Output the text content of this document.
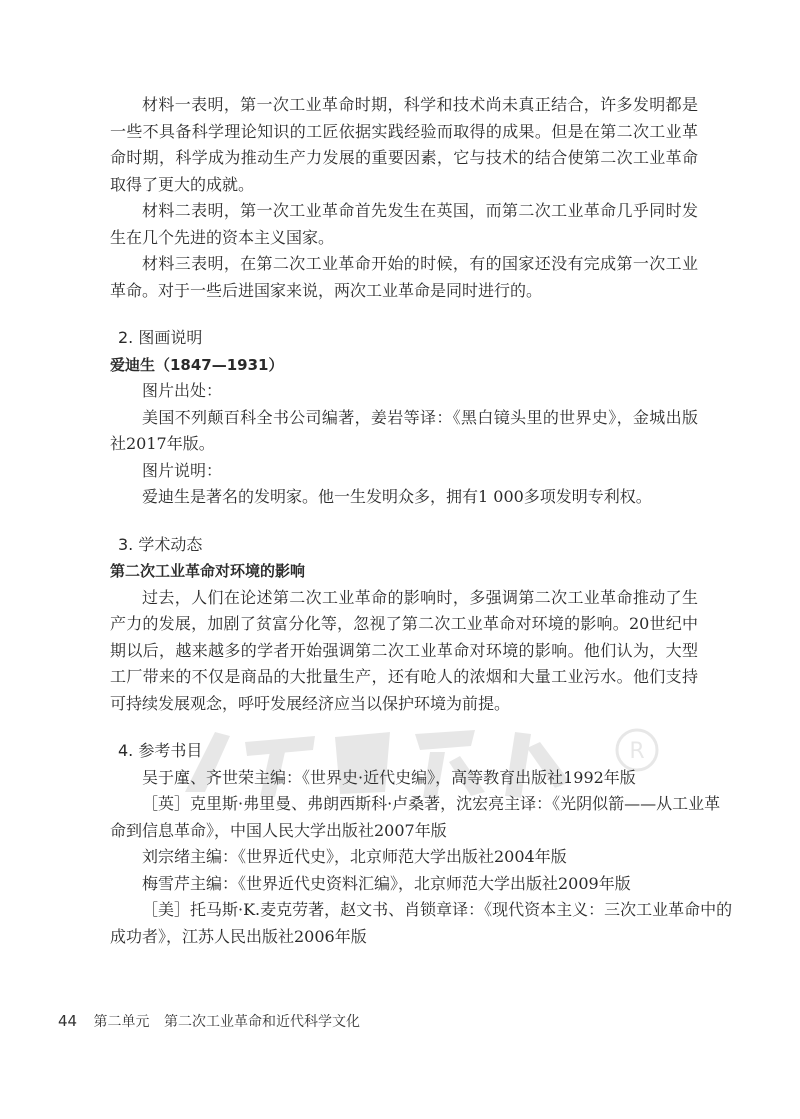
R

材料一表明，第一次工业革命时期，科学和技术尚未真正结合，许多发明都是一些不具备科学理论知识的工匠依据实践经验而取得的成果。但是在第二次工业革命时期，科学成为推动生产力发展的重要因素，它与技术的结合使第二次工业革命取得了更大的成就。

材料二表明，第一次工业革命首先发生在英国，而第二次工业革命几乎同时发生在几个先进的资本主义国家。

材料三表明，在第二次工业革命开始的时候，有的国家还没有完成第一次工业革命。对于一些后进国家来说，两次工业革命是同时进行的。

2. 图画说明

爱迪生（1847—1931）

图片出处：

美国不列颠百科全书公司编著，姜岩等译：《黑白镜头里的世界史》，金城出版社2017年版。

图片说明：

爱迪生是著名的发明家。他一生发明众多，拥有1 000多项发明专利权。

3. 学术动态

第二次工业革命对环境的影响

过去，人们在论述第二次工业革命的影响时，多强调第二次工业革命推动了生产力的发展，加剧了贫富分化等，忽视了第二次工业革命对环境的影响。20世纪中期以后，越来越多的学者开始强调第二次工业革命对环境的影响。他们认为，大型工厂带来的不仅是商品的大批量生产，还有呛人的浓烟和大量工业污水。他们支持可持续发展观念，呼吁发展经济应当以保护环境为前提。

4. 参考书目

吴于廑、齐世荣主编：《世界史·近代史编》，高等教育出版社1992年版

［英］克里斯·弗里曼、弗朗西斯科·卢桑著，沈宏亮主译：《光阴似箭——从工业革

命到信息革命》，中国人民大学出版社2007年版

刘宗绪主编：《世界近代史》，北京师范大学出版社2004年版

梅雪芹主编：《世界近代史资料汇编》，北京师范大学出版社2009年版

［美］托马斯·K.麦克劳著，赵文书、肖锁章译：《现代资本主义：三次工业革命中的

成功者》，江苏人民出版社2006年版

44 第二单元 第二次工业革命和近代科学文化
